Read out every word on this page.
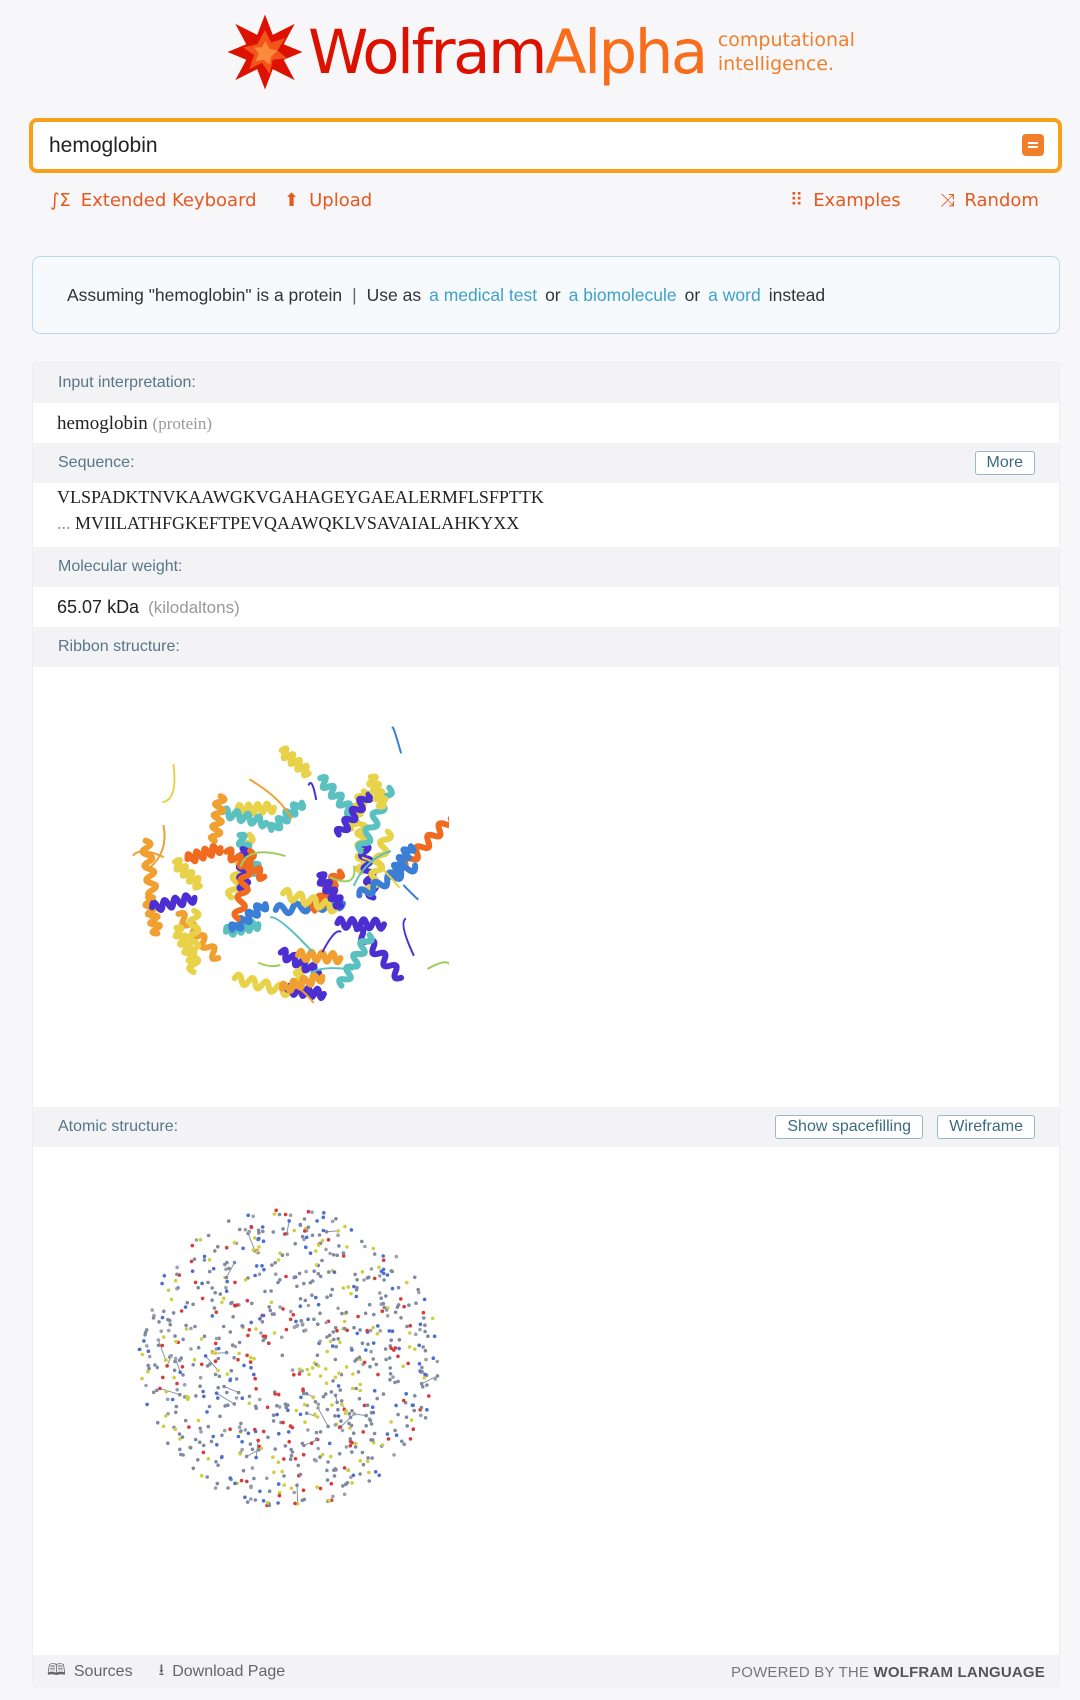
WolframAlpha computational
intelligence.
hemoglobin
∫Σ Extended Keyboard ⬆ Upload	⠿ Examples ⤨ Random
Assuming "hemoglobin" is a protein | Use as a medical test or a biomolecule or a word instead
Input interpretation:
hemoglobin (protein)
Sequence:	More
VLSPADKTNVKAAWGKVGAHAGEYGAEALERMFLSFPTTK
... MVIILATHFGKEFTPEVQAAWQKLVSAVAIALAHKYXX
Molecular weight:
65.07 kDa (kilodaltons)
Ribbon structure:
Atomic structure:	Show spacefilling Wireframe
🕮 Sources ⭳ Download Page	POWERED BY THE WOLFRAM LANGUAGE
